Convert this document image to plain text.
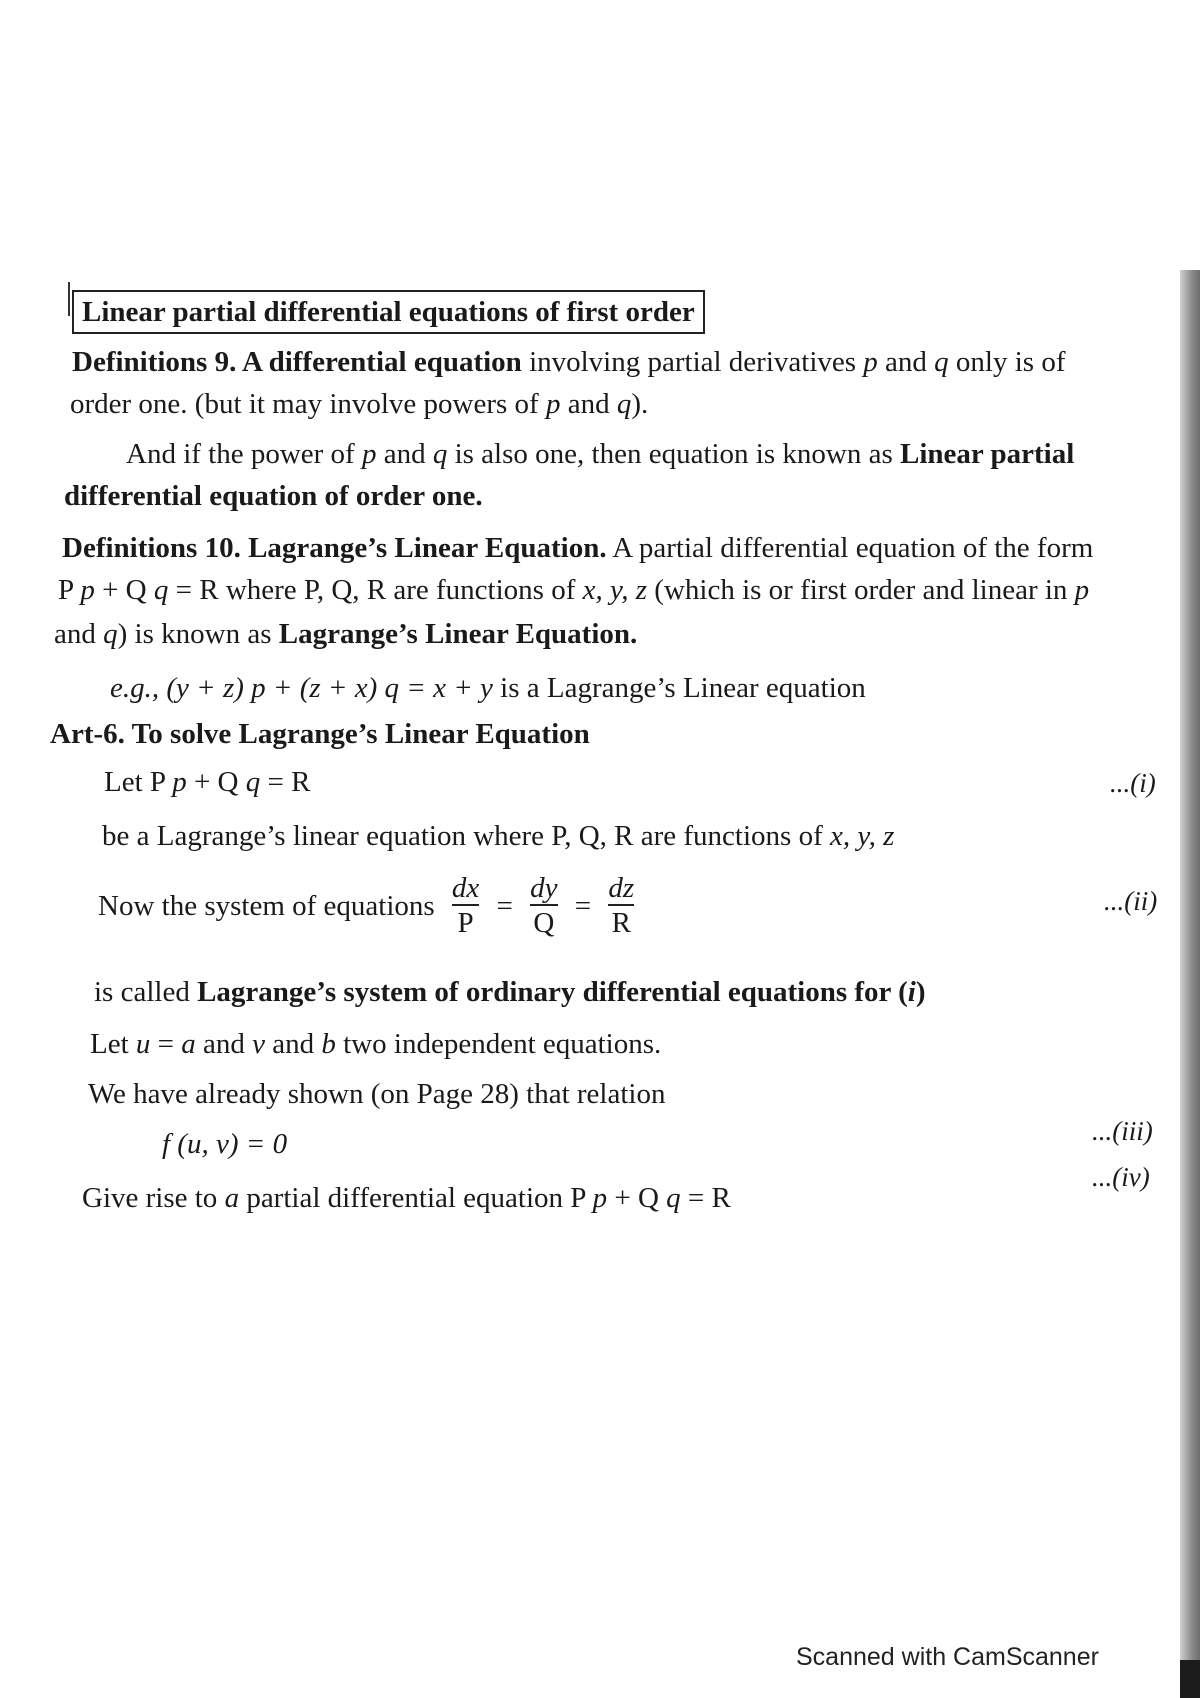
Linear partial differential equations of first order
Definitions 9. A differential equation involving partial derivatives p and q only is of
order one. (but it may involve powers of p and q).
And if the power of p and q is also one, then equation is known as Linear partial
differential equation of order one.
Definitions 10. Lagrange’s Linear Equation. A partial differential equation of the form
P p + Q q = R where P, Q, R are functions of x, y, z (which is or first order and linear in p
and q) is known as Lagrange’s Linear Equation.
e.g., (y + z) p + (z + x) q = x + y is a Lagrange’s Linear equation
Art-6. To solve Lagrange’s Linear Equation
Let P p + Q q = R	...(i)
be a Lagrange’s linear equation where P, Q, R are functions of x, y, z
Now the system of equations $\frac{dx}{P} = \frac{dy}{Q} = \frac{dz}{R}$	...(ii)
is called Lagrange’s system of ordinary differential equations for (i)
Let u = a and v and b two independent equations.
We have already shown (on Page 28) that relation
f (u, v) = 0	...(iii)
...(iv)
Give rise to a partial differential equation P p + Q q = R
Scanned with CamScanner
